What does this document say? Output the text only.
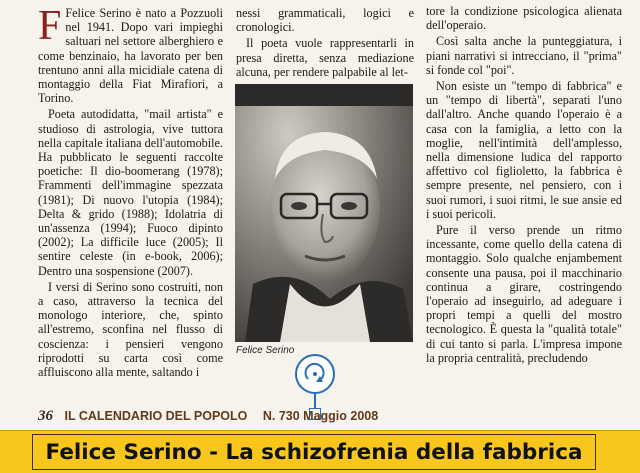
F Felice Serino è nato a Pozzuoli nel 1941. Dopo vari impieghi saltuari nel settore alberghiero e come benzinaio, ha lavorato per ben trentuno anni alla micidiale catena di montaggio della Fiat Mirafiori, a Torino.

Poeta autodidatta, "mail artista" e studioso di astrologia, vive tuttora nella capitale italiana dell'automobile. Ha pubblicato le seguenti raccolte poetiche: Il dio-boomerang (1978); Frammenti dell'immagine spezzata (1981); Di nuovo l'utopia (1984); Delta & grido (1988); Idolatria di un'assenza (1994); Fuoco dipinto (2002); La difficile luce (2005); Il sentire celeste (in e-book, 2006); Dentro una sospensione (2007).

I versi di Serino sono costruiti, non a caso, attraverso la tecnica del monologo interiore, che, spinto all'estremo, sconfina nel flusso di coscienza: i pensieri vengono riprodotti su carta così come affluiscono alla mente, saltando i

nessi grammaticali, logici e cronologici.

Il poeta vuole rappresentarli in presa diretta, senza mediazione alcuna, per rendere palpabile al let-

Felice Serino

tore la condizione psicologica alienata dell'operaio.

Così salta anche la punteggiatura, i piani narrativi si intrecciano, il "prima" si fonde col "poi".

Non esiste un "tempo di fabbrica" e un "tempo di libertà", separati l'uno dall'altro. Anche quando l'operaio è a casa con la famiglia, a letto con la moglie, nell'intimità dell'amplesso, nella dimensione ludica del rapporto affettivo col figlioletto, la fabbrica è sempre presente, nel pensiero, con i suoi rumori, i suoi ritmi, le sue ansie ed i suoi pericoli.

Pure il verso prende un ritmo incessante, come quello della catena di montaggio. Solo qualche enjambement consente una pausa, poi il macchinario continua a girare, costringendo l'operaio ad inseguirlo, ad adeguare i propri tempi a quelli del mostro tecnologico. È questa la "qualità totale" di cui tanto si parla. L'impresa impone la propria centralità, precludendo

36 IL CALENDARIO DEL POPOLO N. 730 Maggio 2008
Felice Serino - La schizofrenia della fabbrica
